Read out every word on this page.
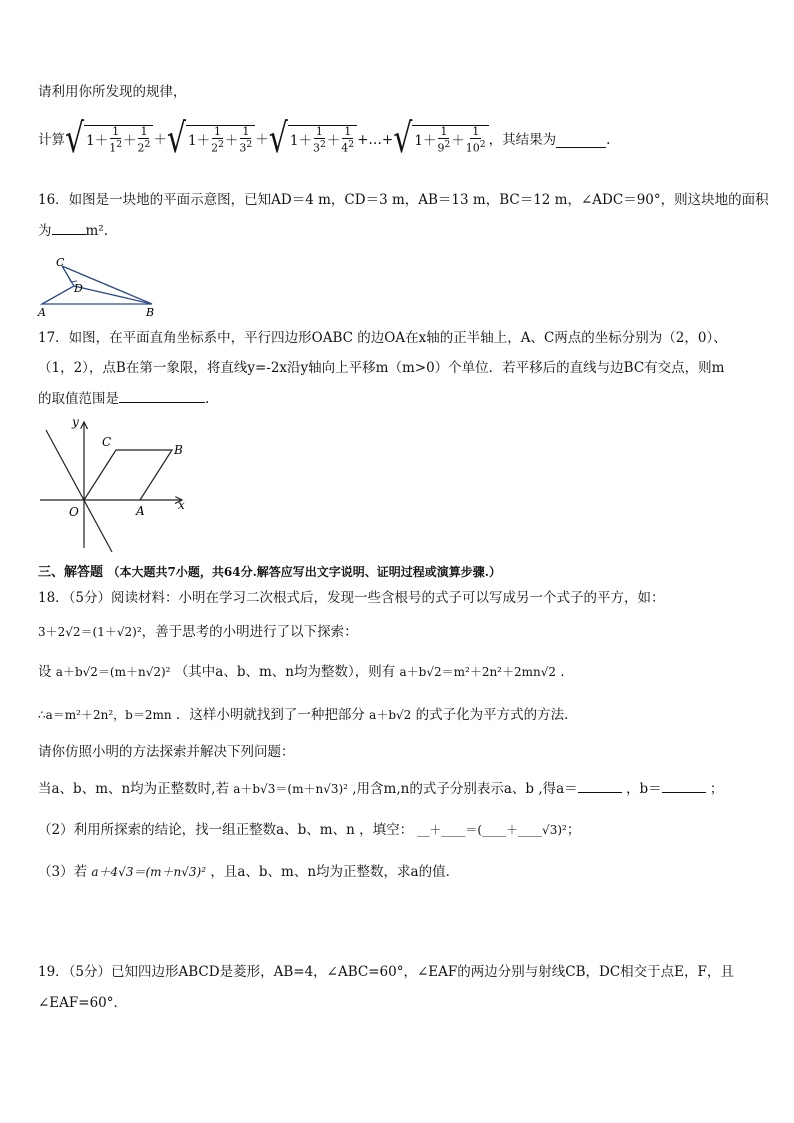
请利用你所发现的规律，
计算 √ $1 + \frac{1}{1^2} + \frac{1}{2^2}$ ＋ √ $1 + \frac{1}{2^2} + \frac{1}{3^2}$ ＋ √ $1 + \frac{1}{3^2} + \frac{1}{4^2}$ +…+ √ $1 + \frac{1}{9^2} + \frac{1}{10^2}$ ，其结果为	.
16．如图是一块地的平面示意图，已知AD＝4 m，CD＝3 m，AB＝13 m，BC＝12 m，∠ADC＝90°，则这块地的面积
为	m².
C
D
A	B
17．如图，在平面直角坐标系中，平行四边形OABC 的边OA在x轴的正半轴上，A、C两点的坐标分别为（2，0）、
（1，2），点B在第一象限，将直线y=-2x沿y轴向上平移m（m>0）个单位．若平移后的直线与边BC有交点，则m
的取值范围是	.
y
x
O	A
B
C
三、解答题 （本大题共7小题，共64分.解答应写出文字说明、证明过程或演算步骤.）
18．（5分）阅读材料：小明在学习二次根式后，发现一些含根号的式子可以写成另一个式子的平方，如：
3＋2√2＝(1＋√2)²，善于思考的小明进行了以下探索：
设 a＋b√2＝(m＋n√2)² （其中a、b、m、n均为整数），则有 a＋b√2＝m²＋2n²＋2mn√2 ．
∴a＝m²＋2n²，b＝2mn ．这样小明就找到了一种把部分 a＋b√2 的式子化为平方式的方法．
请你仿照小明的方法探索并解决下列问题：
当a、b、m、n均为正整数时,若 a＋b√3＝(m＋n√3)² ,用含m,n的式子分别表示a、b ,得a＝	，b＝	；
（2）利用所探索的结论，找一组正整数a、b、m、n ，填空： __＋____＝(____＋____√3)²；
（3）若 a＋4√3＝(m＋n√3)² ，且a、b、m、n均为正整数，求a的值．
19．（5分）已知四边形ABCD是菱形，AB=4，∠ABC=60°，∠EAF的两边分别与射线CB，DC相交于点E，F，且
∠EAF=60°．
